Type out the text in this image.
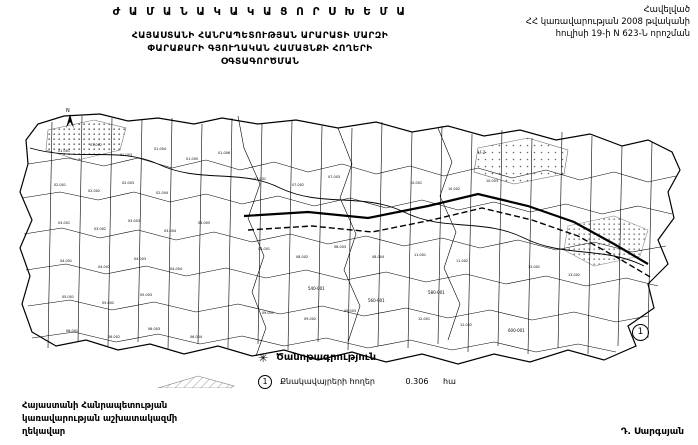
Ժ Ա Մ Ա Ն Ա Կ Ա Կ Ա Ց Ո Ր Ս Խ Ե Մ Ա
ՀԱՅԱՍՏԱՆԻ ՀԱՆՐԱՊԵՏՈՒԹՅԱՆ ԱՐԱՐԱՏԻ ՄԱՐԶԻ
ՓԱՐԱՔԱՐԻ ԳՅՈՒՂԱԿԱՆ ՀԱՄԱՅՆՔԻ ՀՈՂԵՐԻ
ՕԳՏԱԳՈՐԾՄԱՆ
Հավելված
ՀՀ կառավարության 2008 թվականի
հուլիսի 19-ի N 623-Ն որոշման
01-001
01-002
01-003
01-004
01-005
01-006
02-001
02-002
02-003
02-004
03-001
03-002
03-003
03-004
03-005
04-001
04-002
04-003
04-004
05-001
05-002
05-003
06-001
06-002
06-003
06-004
07-001
07-002
07-003
08-001
08-002
08-003
08-004
09-001
09-002
09-003
10-001
10-002
10-003
11-001
11-002
12-001
12-002
13-001
13-002
540-001
560-001
580-001
600-001
Մ-2
N
1
✳ Ծանոթագրություն
1	Քնակավայրերի հողեր	0.306 հա
Հայաստանի Հանրապետության
կառավարության աշխատակազմի
ղեկավար	Դ. Սարգսյան
